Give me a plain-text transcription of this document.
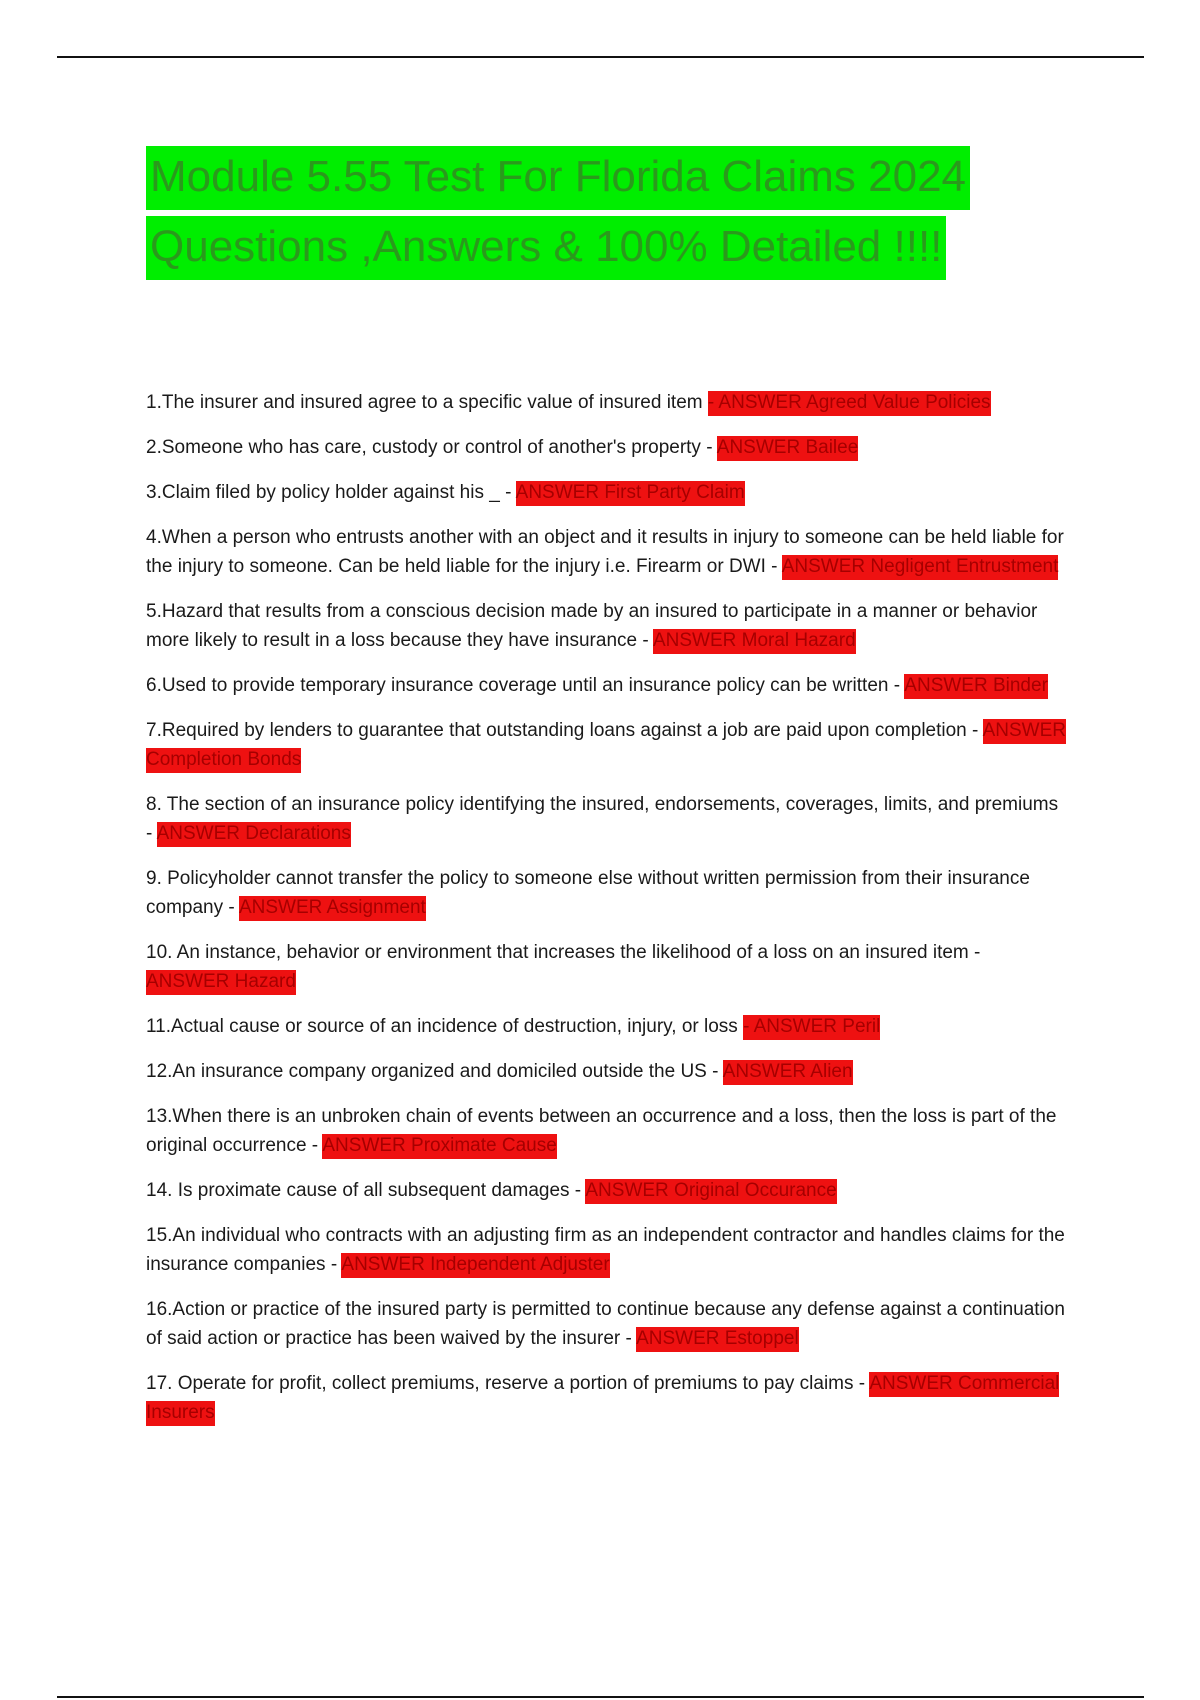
Module 5.55 Test For Florida Claims 2024
Questions ,Answers & 100% Detailed !!!!
1.The insurer and insured agree to a specific value of insured item - ANSWER Agreed Value Policies
2.Someone who has care, custody or control of another's property - ANSWER Bailee
3.Claim filed by policy holder against his _ - ANSWER First Party Claim
4.When a person who entrusts another with an object and it results in injury to someone can be held liable for the injury to someone. Can be held liable for the injury i.e. Firearm or DWI - ANSWER Negligent Entrustment
5.Hazard that results from a conscious decision made by an insured to participate in a manner or behavior more likely to result in a loss because they have insurance - ANSWER Moral Hazard
6.Used to provide temporary insurance coverage until an insurance policy can be written - ANSWER Binder
7.Required by lenders to guarantee that outstanding loans against a job are paid upon completion - ANSWER Completion Bonds
8. The section of an insurance policy identifying the insured, endorsements, coverages, limits, and premiums - ANSWER Declarations
9. Policyholder cannot transfer the policy to someone else without written permission from their insurance company - ANSWER Assignment
10. An instance, behavior or environment that increases the likelihood of a loss on an insured item - ANSWER Hazard
11.Actual cause or source of an incidence of destruction, injury, or loss - ANSWER Peril
12.An insurance company organized and domiciled outside the US - ANSWER Alien
13.When there is an unbroken chain of events between an occurrence and a loss, then the loss is part of the original occurrence - ANSWER Proximate Cause
14. Is proximate cause of all subsequent damages - ANSWER Original Occurance
15.An individual who contracts with an adjusting firm as an independent contractor and handles claims for the insurance companies - ANSWER Independent Adjuster
16.Action or practice of the insured party is permitted to continue because any defense against a continuation of said action or practice has been waived by the insurer - ANSWER Estoppel
17. Operate for profit, collect premiums, reserve a portion of premiums to pay claims - ANSWER Commercial Insurers
